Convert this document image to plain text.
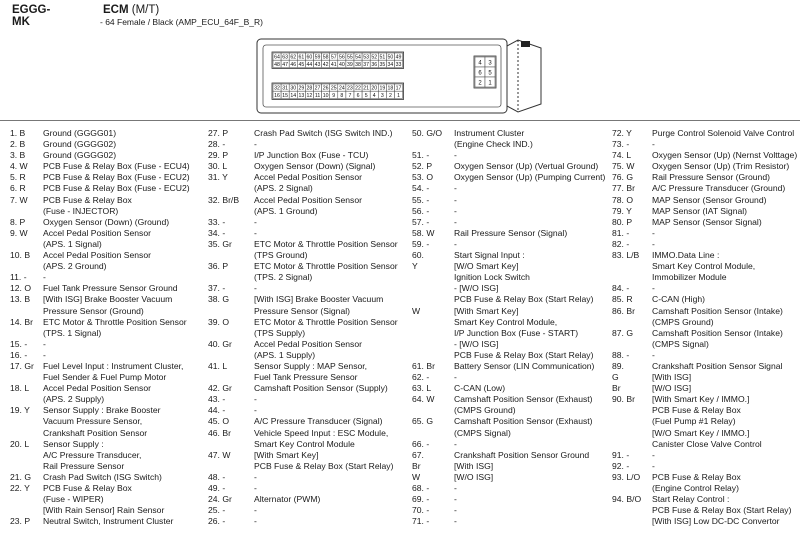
EGGG-MK
ECM (M/T)
- 64 Female / Black (AMP_ECU_64F_B_R)
64 63 62 61 60 59 58 57 56 55 54 53 52 51 50 49
48 47 46 45 44 43 42 41 40 39 38 37 36 35 34 33
32 31 30 29 28 27 26 25 24 23 22 21 20 19 18 17
16 15 14 13 12 11 10 9 8 7 6 5 4 3 2 1
4 3
6 5
2 1
1. B Ground (GGGG01)
2. B Ground (GGGG02)
3. B Ground (GGGG02)
4. W PCB Fuse & Relay Box (Fuse - ECU4)
5. R PCB Fuse & Relay Box (Fuse - ECU2)
6. R PCB Fuse & Relay Box (Fuse - ECU2)
7. W PCB Fuse & Relay Box
(Fuse - INJECTOR)
8. P Oxygen Sensor (Down) (Ground)
9. W Accel Pedal Position Sensor
(APS. 1 Signal)
10. B Accel Pedal Position Sensor
(APS. 2 Ground)
11. - -
12. O Fuel Tank Pressure Sensor Ground
13. B [With ISG] Brake Booster Vacuum
Pressure Sensor (Ground)
14. Br ETC Motor & Throttle Position Sensor
(TPS. 1 Signal)
15. - -
16. - -
17. Gr Fuel Level Input : Instrument Cluster,
Fuel Sender & Fuel Pump Motor
18. L Accel Pedal Position Sensor
(APS. 2 Supply)
19. Y Sensor Supply : Brake Booster
Vacuum Pressure Sensor,
Crankshaft Position Sensor
20. L Sensor Supply :
A/C Pressure Transducer,
Rail Pressure Sensor
21. G Crash Pad Switch (ISG Switch)
22. Y PCB Fuse & Relay Box
(Fuse - WIPER)
[With Rain Sensor] Rain Sensor
23. P Neutral Switch, Instrument Cluster
27. P	Crash Pad Switch (ISG Switch IND.)
28. -	-
29. P	I/P Junction Box (Fuse - TCU)
30. L	Oxygen Sensor (Down) (Signal)
31. Y	Accel Pedal Position Sensor
(APS. 2 Signal)
32. Br/B Accel Pedal Position Sensor
(APS. 1 Ground)
33. -	-
34. -	-
35. Gr	ETC Motor & Throttle Position Sensor
(TPS Ground)
36. P	ETC Motor & Throttle Position Sensor
(TPS. 2 Signal)
37. -	-
38. G	[With ISG] Brake Booster Vacuum
Pressure Sensor (Signal)
39. O	ETC Motor & Throttle Position Sensor
(TPS Supply)
40. Gr	Accel Pedal Position Sensor
(APS. 1 Supply)
41. L	Sensor Supply : MAP Sensor,
Fuel Tank Pressure Sensor
42. Gr	Camshaft Position Sensor (Supply)
43. -	-
44. -	-
45. O	A/C Pressure Transducer (Signal)
46. Br	Vehicle Speed Input : ESC Module,
Smart Key Control Module
47. W	[With Smart Key]
PCB Fuse & Relay Box (Start Relay)
48. -	-
49. -	-
24. Gr	Alternator (PWM)
25. -	-
26. -	-
50. G/O Instrument Cluster
(Engine Check IND.)
51. -	-
52. P	Oxygen Sensor (Up) (Vertual Ground)
53. O Oxygen Sensor (Up) (Pumping Current)
54. -	-
55. -	-
56. -	-
57. -	-
58. W Rail Pressure Sensor (Signal)
59. -	-
60.	Start Signal Input :
Y	[W/O Smart Key]
Ignition Lock Switch
- [W/O ISG]
PCB Fuse & Relay Box (Start Relay)
W	[With Smart Key]
Smart Key Control Module,
I/P Junction Box (Fuse - START)
- [W/O ISG]
PCB Fuse & Relay Box (Start Relay)
61. Br Battery Sensor (LIN Communication)
62. -	-
63. L	C-CAN (Low)
64. W Camshaft Position Sensor (Exhaust)
(CMPS Ground)
65. G Camshaft Position Sensor (Exhaust)
(CMPS Signal)
66. -	-
67.	Crankshaft Position Sensor Ground
Br	[With ISG]
W	[W/O ISG]
68. -	-
69. -	-
70. -	-
71. -	-
72. Y Purge Control Solenoid Valve Control
73. -	-
74. L Oxygen Sensor (Up) (Nernst Volttage)
75. W Oxygen Sensor (Up) (Trim Resistor)
76. G Rail Pressure Sensor (Ground)
77. Br A/C Pressure Transducer (Ground)
78. O MAP Sensor (Sensor Ground)
79. Y MAP Sensor (IAT Signal)
80. P MAP Sensor (Sensor Signal)
81. -	-
82. -	-
83. L/B IMMO.Data Line :
Smart Key Control Module,
Immobilizer Module
84. -	-
85. R C-CAN (High)
86. Br Camshaft Position Sensor (Intake)
(CMPS Ground)
87. G Camshaft Position Sensor (Intake)
(CMPS Signal)
88. -	-
89.	Crankshaft Position Sensor Signal
G	[With ISG]
Br	[W/O ISG]
90. Br [With Smart Key / IMMO.]
PCB Fuse & Relay Box
(Fuel Pump #1 Relay)
[W/O Smart Key / IMMO.]
Canister Close Valve Control
91. -	-
92. -	-
93. L/O PCB Fuse & Relay Box
(Engine Control Relay)
94. B/O Start Relay Control :
PCB Fuse & Relay Box (Start Relay)
[With ISG] Low DC-DC Convertor
